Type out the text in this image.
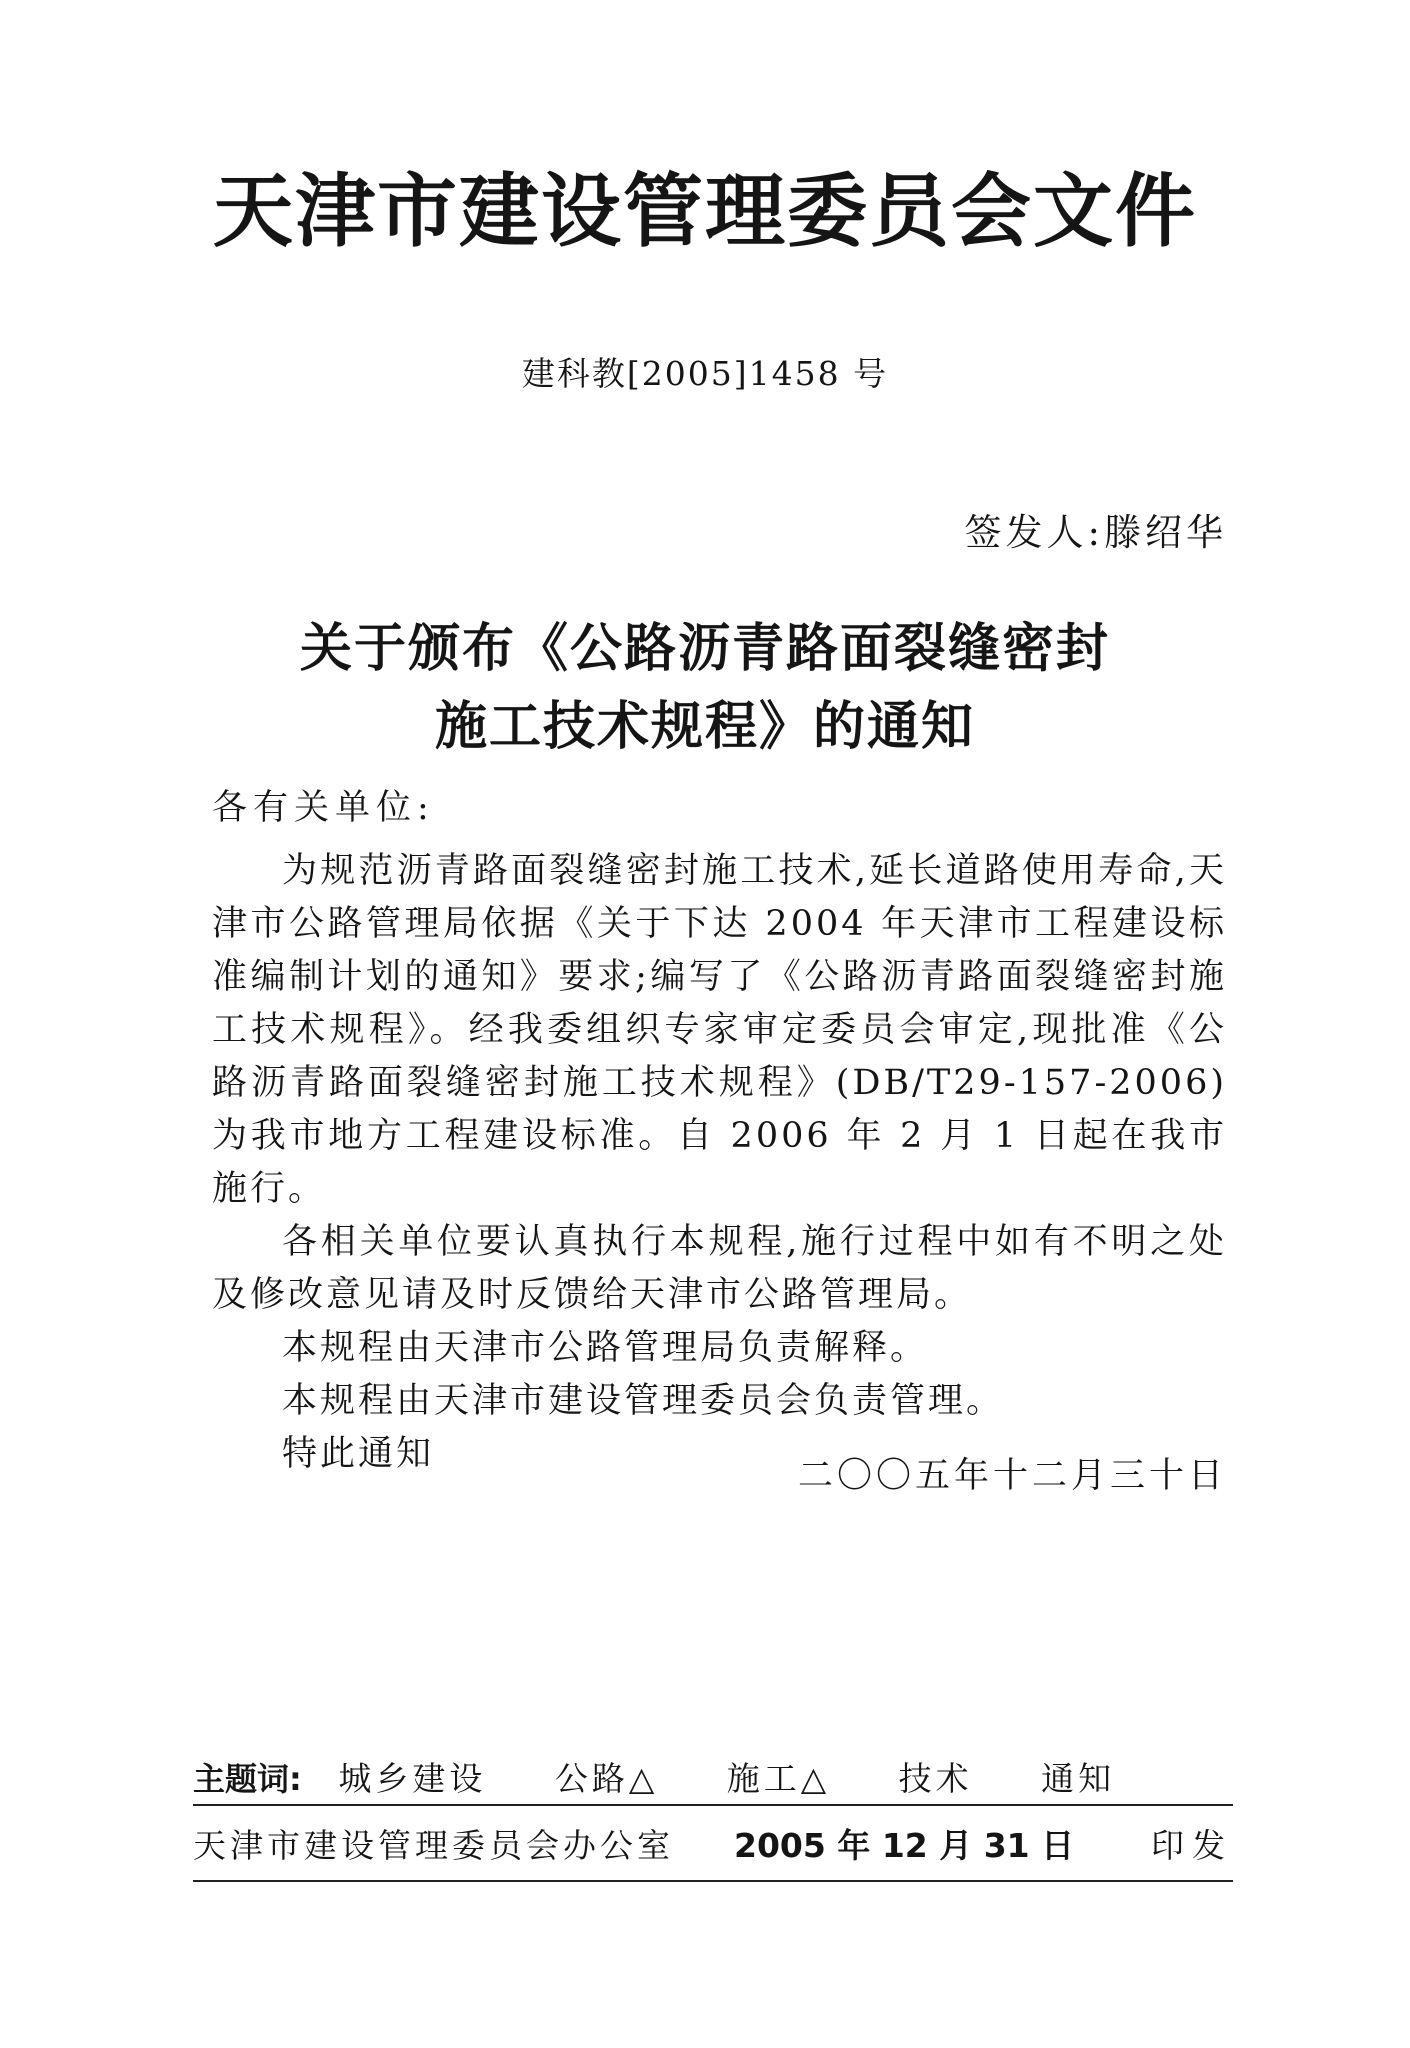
天津市建设管理委员会文件
建科教[2005]1458 号
签发人:滕绍华
关于颁布《公路沥青路面裂缝密封
施工技术规程》的通知
各有关单位:

为规范沥青路面裂缝密封施工技术,延长道路使用寿命,天津市公路管理局依据《关于下达 2004 年天津市工程建设标准编制计划的通知》要求;编写了《公路沥青路面裂缝密封施工技术规程》。经我委组织专家审定委员会审定,现批准《公路沥青路面裂缝密封施工技术规程》(DB/T29-157-2006)为我市地方工程建设标准。自 2006 年 2 月 1 日起在我市施行。

各相关单位要认真执行本规程,施行过程中如有不明之处及修改意见请及时反馈给天津市公路管理局。

本规程由天津市公路管理局负责解释。

本规程由天津市建设管理委员会负责管理。

特此通知

二〇〇五年十二月三十日
主题词: 城乡建设 公路△ 施工△ 技术 通知
天津市建设管理委员会办公室 2005 年 12 月 31 日 印发
